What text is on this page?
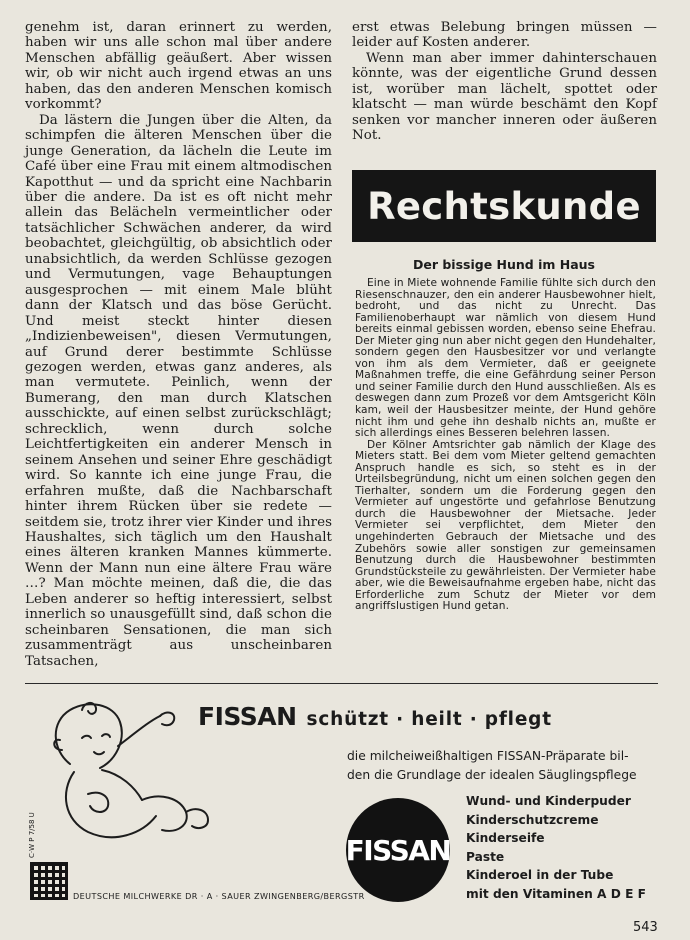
genehm ist, daran erinnert zu werden, haben wir uns alle schon mal über andere Menschen abfällig geäußert. Aber wissen wir, ob wir nicht auch irgend etwas an uns haben, das den anderen Menschen komisch vorkommt?

Da lästern die Jungen über die Alten, da schimpfen die älteren Menschen über die junge Generation, da lächeln die Leute im Café über eine Frau mit einem altmodischen Kapotthut — und da spricht eine Nachbarin über die andere. Da ist es oft nicht mehr allein das Belächeln vermeintlicher oder tatsächlicher Schwächen anderer, da wird beobachtet, gleichgültig, ob absichtlich oder unabsichtlich, da werden Schlüsse gezogen und Vermutungen, vage Behauptungen ausgesprochen — mit einem Male blüht dann der Klatsch und das böse Gerücht. Und meist steckt hinter diesen „Indizienbeweisen", diesen Vermutungen, auf Grund derer bestimmte Schlüsse gezogen werden, etwas ganz anderes, als man vermutete. Peinlich, wenn der Bumerang, den man durch Klatschen ausschickte, auf einen selbst zurückschlägt; schrecklich, wenn durch solche Leichtfertigkeiten ein anderer Mensch in seinem Ansehen und seiner Ehre geschädigt wird. So kannte ich eine junge Frau, die erfahren mußte, daß die Nachbarschaft hinter ihrem Rücken über sie redete — seitdem sie, trotz ihrer vier Kinder und ihres Haushaltes, sich täglich um den Haushalt eines älteren kranken Mannes kümmerte. Wenn der Mann nun eine ältere Frau wäre …? Man möchte meinen, daß die, die das Leben anderer so heftig interessiert, selbst innerlich so unausgefüllt sind, daß schon die scheinbaren Sensationen, die man sich zusammenträgt aus unscheinbaren Tatsachen,

erst etwas Belebung bringen müssen — leider auf Kosten anderer.

Wenn man aber immer dahinterschauen könnte, was der eigentliche Grund dessen ist, worüber man lächelt, spottet oder klatscht — man würde beschämt den Kopf senken vor mancher inneren oder äußeren Not.

Rechtskunde
Der bissige Hund im Haus

Eine in Miete wohnende Familie fühlte sich durch den Riesenschnauzer, den ein anderer Hausbewohner hielt, bedroht, und das nicht zu Unrecht. Das Familienoberhaupt war nämlich von diesem Hund bereits einmal gebissen worden, ebenso seine Ehefrau. Der Mieter ging nun aber nicht gegen den Hundehalter, sondern gegen den Hausbesitzer vor und verlangte von ihm als dem Vermieter, daß er geeignete Maßnahmen treffe, die eine Gefährdung seiner Person und seiner Familie durch den Hund ausschließen. Als es deswegen dann zum Prozeß vor dem Amtsgericht Köln kam, weil der Hausbesitzer meinte, der Hund gehöre nicht ihm und gehe ihn deshalb nichts an, mußte er sich allerdings eines Besseren belehren lassen.

Der Kölner Amtsrichter gab nämlich der Klage des Mieters statt. Bei dem vom Mieter geltend gemachten Anspruch handle es sich, so steht es in der Urteilsbegründung, nicht um einen solchen gegen den Tierhalter, sondern um die Forderung gegen den Vermieter auf ungestörte und gefahrlose Benutzung durch die Hausbewohner der Mietsache. Jeder Vermieter sei verpflichtet, dem Mieter den ungehinderten Gebrauch der Mietsache und des Zubehörs sowie aller sonstigen zur gemeinsamen Benutzung durch die Hausbewohner bestimmten Grundstücksteile zu gewährleisten. Der Vermieter habe aber, wie die Beweisaufnahme ergeben habe, nicht das Erforderliche zum Schutz der Mieter vor dem angriffslustigen Hund getan.

FISSAN schützt · heilt · pflegt

die milcheiweißhaltigen FISSAN-Präparate bil-
den die Grundlage der idealen Säuglingspflege

FISSAN
Wund- und Kinderpuder
Kinderschutzcreme
Kinderseife
Paste
Kinderoel in der Tube
mit den Vitaminen A D E F
C·W P 7/58 U
DEUTSCHE MILCHWERKE DR · A · SAUER ZWINGENBERG/BERGSTR
543
